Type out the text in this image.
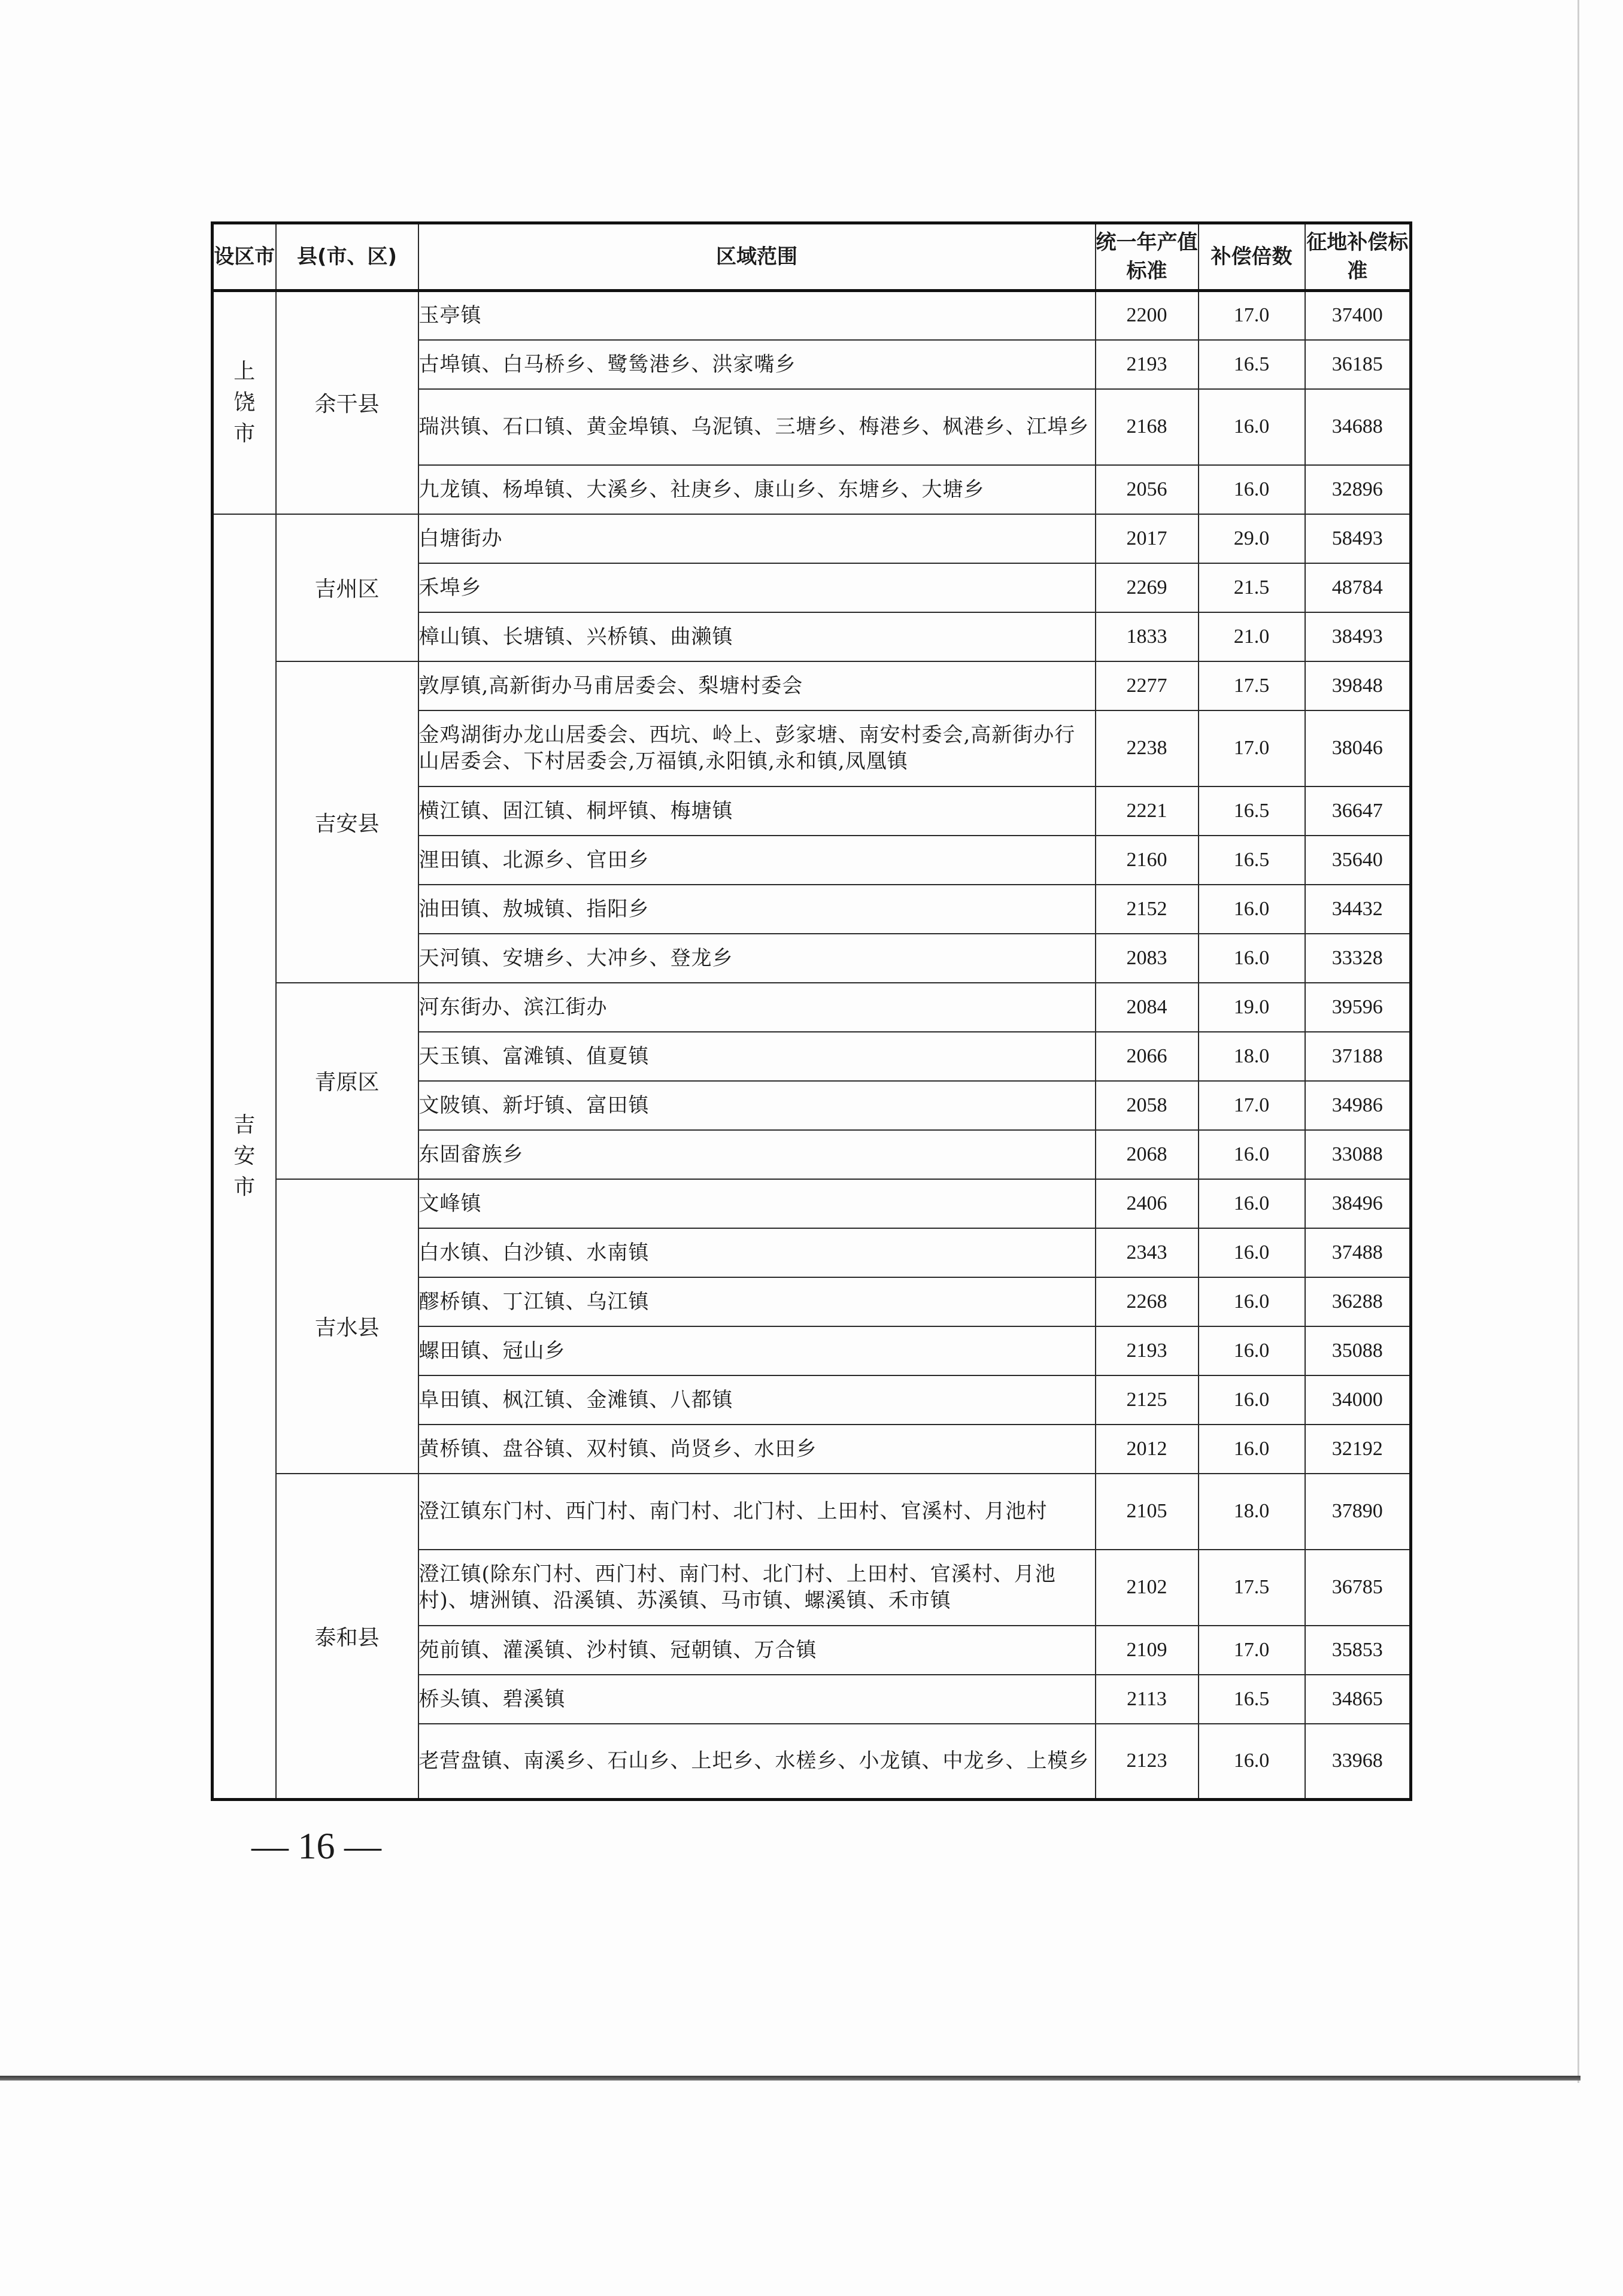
设区市	县(市、区)	区域范围	统一年产值标准	补偿倍数	征地补偿标准
上饶市	余干县	玉亭镇	2200	17.0	37400
		古埠镇、白马桥乡、鹭鸶港乡、洪家嘴乡	2193	16.5	36185
		瑞洪镇、石口镇、黄金埠镇、乌泥镇、三塘乡、梅港乡、枫港乡、江埠乡	2168	16.0	34688
		九龙镇、杨埠镇、大溪乡、社庚乡、康山乡、东塘乡、大塘乡	2056	16.0	32896
吉安市	吉州区	白塘街办	2017	29.0	58493
		禾埠乡	2269	21.5	48784
		樟山镇、长塘镇、兴桥镇、曲濑镇	1833	21.0	38493
	吉安县	敦厚镇,高新街办马甫居委会、梨塘村委会	2277	17.5	39848
		金鸡湖街办龙山居委会、西坑、岭上、彭家塘、南安村委会,高新街办行山居委会、下村居委会,万福镇,永阳镇,永和镇,凤凰镇	2238	17.0	38046
		横江镇、固江镇、桐坪镇、梅塘镇	2221	16.5	36647
		浬田镇、北源乡、官田乡	2160	16.5	35640
		油田镇、敖城镇、指阳乡	2152	16.0	34432
		天河镇、安塘乡、大冲乡、登龙乡	2083	16.0	33328
	青原区	河东街办、滨江街办	2084	19.0	39596
		天玉镇、富滩镇、值夏镇	2066	18.0	37188
		文陂镇、新圩镇、富田镇	2058	17.0	34986
		东固畲族乡	2068	16.0	33088
	吉水县	文峰镇	2406	16.0	38496
		白水镇、白沙镇、水南镇	2343	16.0	37488
		醪桥镇、丁江镇、乌江镇	2268	16.0	36288
		螺田镇、冠山乡	2193	16.0	35088
		阜田镇、枫江镇、金滩镇、八都镇	2125	16.0	34000
		黄桥镇、盘谷镇、双村镇、尚贤乡、水田乡	2012	16.0	32192
	泰和县	澄江镇东门村、西门村、南门村、北门村、上田村、官溪村、月池村	2105	18.0	37890
		澄江镇(除东门村、西门村、南门村、北门村、上田村、官溪村、月池村)、塘洲镇、沿溪镇、苏溪镇、马市镇、螺溪镇、禾市镇	2102	17.5	36785
		苑前镇、灌溪镇、沙村镇、冠朝镇、万合镇	2109	17.0	35853
		桥头镇、碧溪镇	2113	16.5	34865
		老营盘镇、南溪乡、石山乡、上圯乡、水槎乡、小龙镇、中龙乡、上模乡	2123	16.0	33968
— 16 —
